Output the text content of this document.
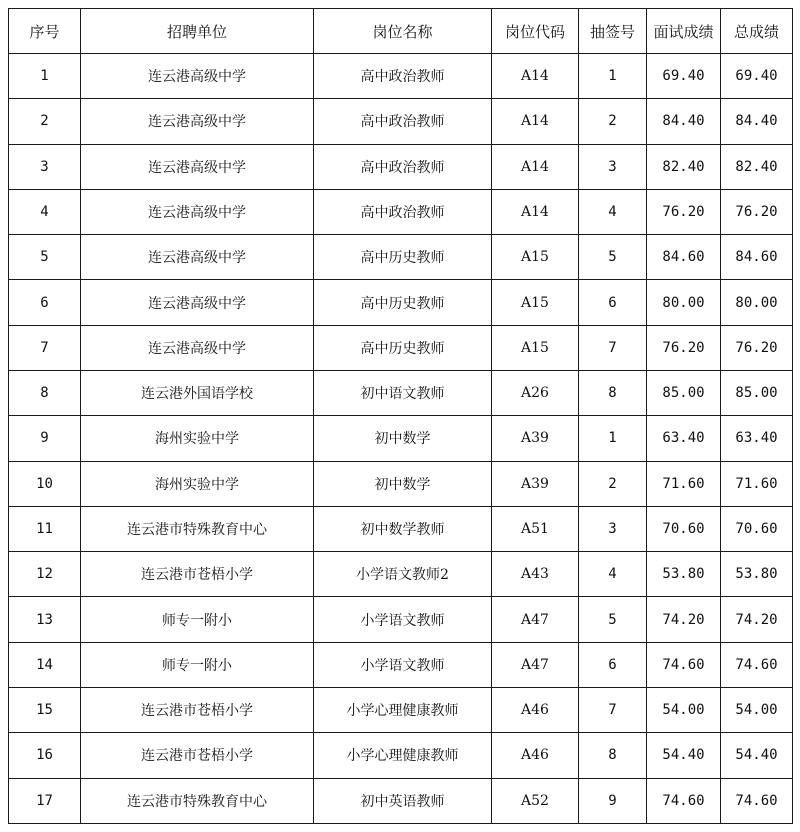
序号	招聘单位	岗位名称	岗位代码	抽签号	面试成绩	总成绩
1	连云港高级中学	高中政治教师	A14	1	69.40	69.40
2	连云港高级中学	高中政治教师	A14	2	84.40	84.40
3	连云港高级中学	高中政治教师	A14	3	82.40	82.40
4	连云港高级中学	高中政治教师	A14	4	76.20	76.20
5	连云港高级中学	高中历史教师	A15	5	84.60	84.60
6	连云港高级中学	高中历史教师	A15	6	80.00	80.00
7	连云港高级中学	高中历史教师	A15	7	76.20	76.20
8	连云港外国语学校	初中语文教师	A26	8	85.00	85.00
9	海州实验中学	初中数学	A39	1	63.40	63.40
10	海州实验中学	初中数学	A39	2	71.60	71.60
11	连云港市特殊教育中心	初中数学教师	A51	3	70.60	70.60
12	连云港市苍梧小学	小学语文教师2	A43	4	53.80	53.80
13	师专一附小	小学语文教师	A47	5	74.20	74.20
14	师专一附小	小学语文教师	A47	6	74.60	74.60
15	连云港市苍梧小学	小学心理健康教师	A46	7	54.00	54.00
16	连云港市苍梧小学	小学心理健康教师	A46	8	54.40	54.40
17	连云港市特殊教育中心	初中英语教师	A52	9	74.60	74.60
